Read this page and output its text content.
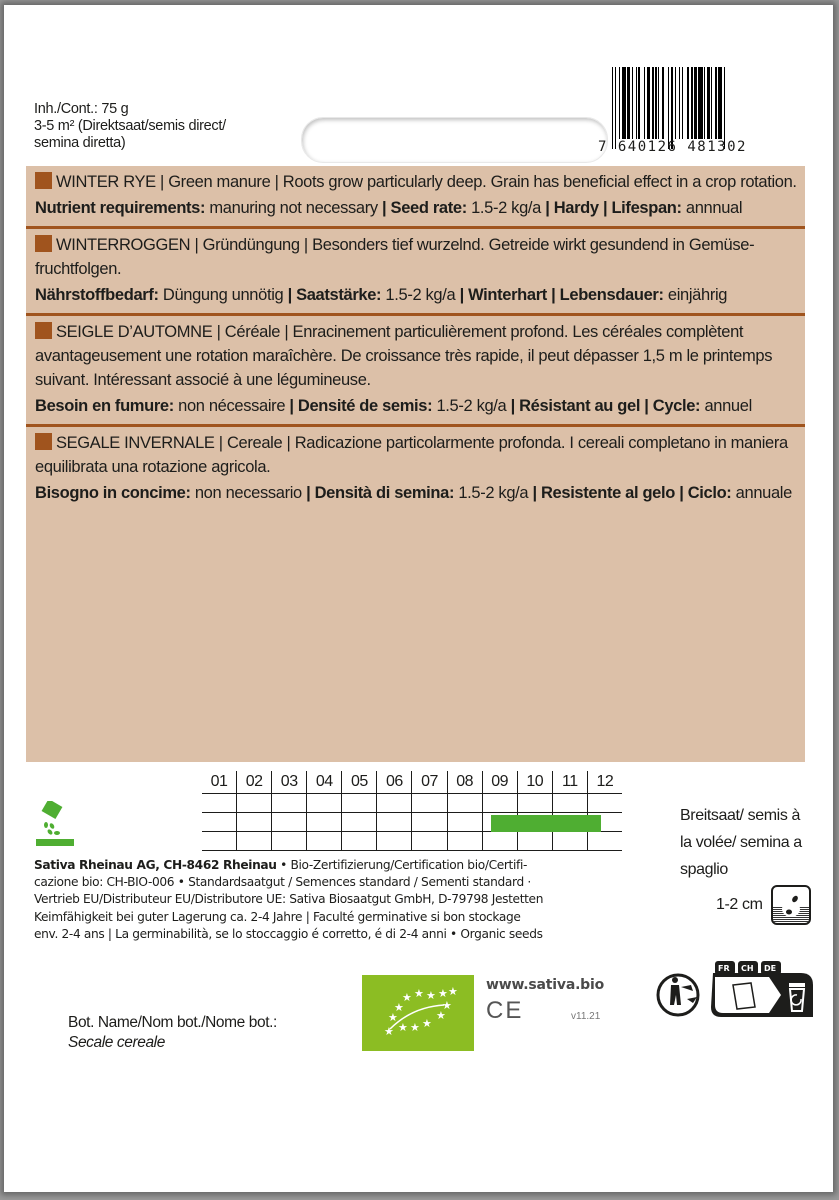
Inh./Cont.: 75 g
3-5 m² (Direktsaat/semis direct/
semina diretta)	7 640126 481302
WINTER RYE | Green manure | Roots grow particularly deep. Grain has beneficial effect in a crop rotation.
Nutrient requirements: manuring not necessary | Seed rate: 1.5-2 kg/a | Hardy | Lifespan: annnual
WINTERROGGEN | Gründüngung | Besonders tief wurzelnd. Getreide wirkt gesundend in Gemüse-fruchtfolgen.
Nährstoffbedarf: Düngung unnötig | Saatstärke: 1.5-2 kg/a | Winterhart | Lebensdauer: einjährig
SEIGLE D’AUTOMNE | Céréale | Enracinement particulièrement profond. Les céréales complètent avantageusement une rotation maraîchère. De croissance très rapide, il peut dépasser 1,5 m le printemps suivant. Intéressant associé à une légumineuse.
Besoin en fumure: non nécessaire | Densité de semis: 1.5-2 kg/a | Résistant au gel | Cycle: annuel
SEGALE INVERNALE | Cereale | Radicazione particolarmente profonda. I cereali completano in maniera equilibrata una rotazione agricola.
Bisogno in concime: non necessario | Densità di semina: 1.5-2 kg/a | Resistente al gelo | Ciclo: annuale
01	02	03	04	05	06	07	08	09	10	11	12
Breitsaat/ semis à
la volée/ semina a
spaglio
1-2 cm
Sativa Rheinau AG, CH-8462 Rheinau • Bio-Zertifizierung/Certification bio/Certifi-
cazione bio: CH-BIO-006 • Standardsaatgut / Semences standard / Sementi standard ·
Vertrieb EU/Distributeur EU/Distributore UE: Sativa Biosaatgut GmbH, D-79798 Jestetten
Keimfähigkeit bei guter Lagerung ca. 2-4 Jahre | Faculté germinative si bon stockage
env. 2-4 ans | La germinabilità, se lo stoccaggio é corretto, é di 2-4 anni • Organic seeds
FR CH DE
★ ★ ★ ★ ★
★
★
★
★
★ ★ ★
★
www.sativa.bio
CE	v11.21
Bot. Name/Nom bot./Nome bot.:
Secale cereale
